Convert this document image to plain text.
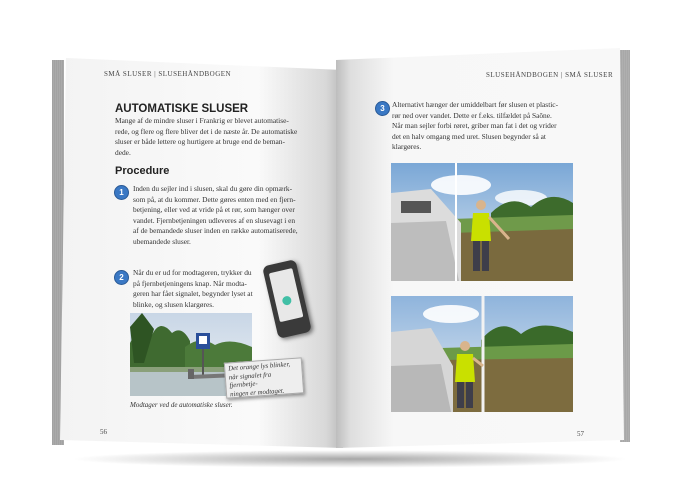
SMÅ SLUSER | SLUSEHÅNDBOGEN
AUTOMATISKE SLUSER
Mange af de mindre sluser i Frankrig er blevet automatise-
rede, og flere og flere bliver det i de næste år. De automatiske
sluser er både lettere og hurtigere at bruge end de beman-
dede.
Procedure
1	Inden du sejler ind i slusen, skal du gøre din opmærk-
som på, at du kommer. Dette gøres enten med en fjern-
betjening, eller ved at vride på et rør, som hænger over
vandet. Fjernbetjeningen udleveres af en slusevagt i en
af de bemandede sluser inden en række automatiserede,
ubemandede sluser.
2
Når du er ud for modtageren, trykker du
på fjernbetjeningens knap. Når modta-
geren har fået signalet, begynder lyset at
blinke, og slusen klargøres.
Det orange lys blinker,
når signalet fra fjernbetje-
ningen er modtaget.
Modtager ved de automatiske sluser.
56
SLUSEHÅNDBOGEN | SMÅ SLUSER
3 Alternativt hænger der umiddelbart før slusen et plastic-
rør ned over vandet. Dette er f.eks. tilfældet på Saône.
Når man sejler forbi røret, griber man fat i det og vrider
det en halv omgang med uret. Slusen begynder så at
klargøres.
57
